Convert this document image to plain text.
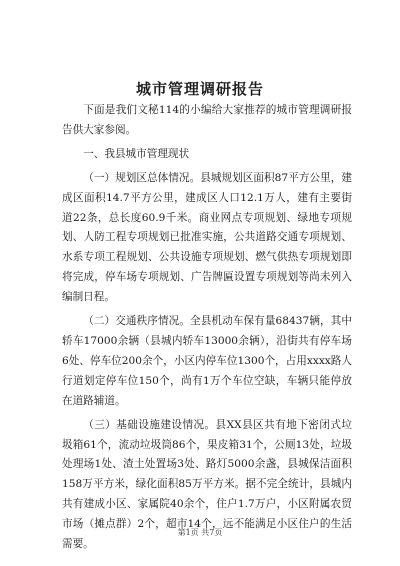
城市管理调研报告

下面是我们文秘114的小编给大家推荐的城市管理调研报告供大家参阅。

一、我县城市管理现状

（一）规划区总体情况。县城规划区面积87平方公里，建成区面积14.7平方公里，建成区人口12.1万人，建有主要街道22条，总长度60.9千米。商业网点专项规划、绿地专项规划、人防工程专项规划已批准实施，公共道路交通专项规划、水系专项工程规划、公共设施专项规划、燃气供热专项规划即将完成，停车场专项规划、广告牌匾设置专项规划等尚未列入编制日程。

（二）交通秩序情况。全县机动车保有量68437辆，其中轿车17000余辆（县城内轿车13000余辆），沿街共有停车场6处、停车位200余个，小区内停车位1300个，占用xxxx路人行道划定停车位150个，尚有1万个车位空缺，车辆只能停放在道路辅道。

（三）基础设施建设情况。县XX县区共有地下密闭式垃圾箱61个，流动垃圾筒86个，果皮箱31个，公厕13处，垃圾处理场1处、渣土处置场3处、路灯5000余盏，县城保洁面积158万平方米，绿化面积85万平方米。据不完全统计，县城内共有建成小区、家属院40余个，住户1.7万户，小区附属农贸市场（摊点群）2个，超市14个，远不能满足小区住户的生活需要。

第1页 共7页
